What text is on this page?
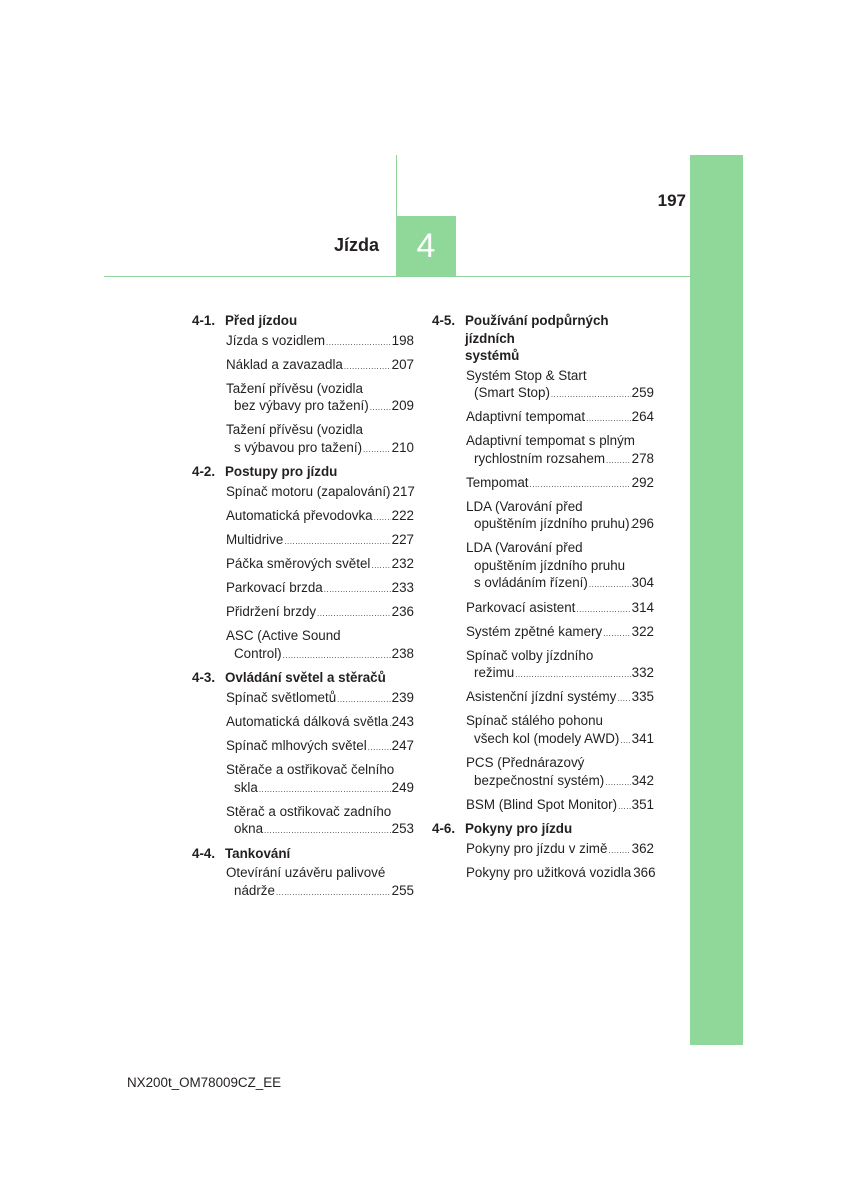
197
Jízda	4
4-1. Před jízdou
Jízda s vozidlem .....	198
Náklad a zavazadla .....	207
Tažení přívěsu (vozidla
bez výbavy pro tažení) ..... 209
Tažení přívěsu (vozidla
s výbavou pro tažení) ..... 210
4-2. Postupy pro jízdu
Spínač motoru (zapalování) 217
Automatická převodovka ..... 222
Multidrive .....	227
Páčka směrových světel ..... 232
Parkovací brzda .....	233
Přidržení brzdy .....	236
ASC (Active Sound
Control) .....	238
4-3. Ovládání světel a stěračů
Spínač světlometů .....	239
Automatická dálková světla ..... 243
Spínač mlhových světel ..... 247
Stěrače a ostřikovač čelního
skla .....	249
Stěrač a ostřikovač zadního
okna .....	253
4-4. Tankování
Otevírání uzávěru palivové
nádrže .....	255
4-5. Používání podpůrných jízdních
systémů
Systém Stop & Start
(Smart Stop) .....	259
Adaptivní tempomat .....	264
Adaptivní tempomat s plným
rychlostním rozsahem ..... 278
Tempomat .....	292
LDA (Varování před
opuštěním jízdního pruhu) ..... 296
LDA (Varování před
opuštěním jízdního pruhu
s ovládáním řízení) .....	304
Parkovací asistent .....	314
Systém zpětné kamery ..... 322
Spínač volby jízdního
režimu .....	332
Asistenční jízdní systémy ..... 335
Spínač stálého pohonu
všech kol (modely AWD) ..... 341
PCS (Přednárazový
bezpečnostní systém) ..... 342
BSM (Blind Spot Monitor) ..... 351
4-6. Pokyny pro jízdu
Pokyny pro jízdu v zimě ..... 362
Pokyny pro užitková vozidla 366
NX200t_OM78009CZ_EE
